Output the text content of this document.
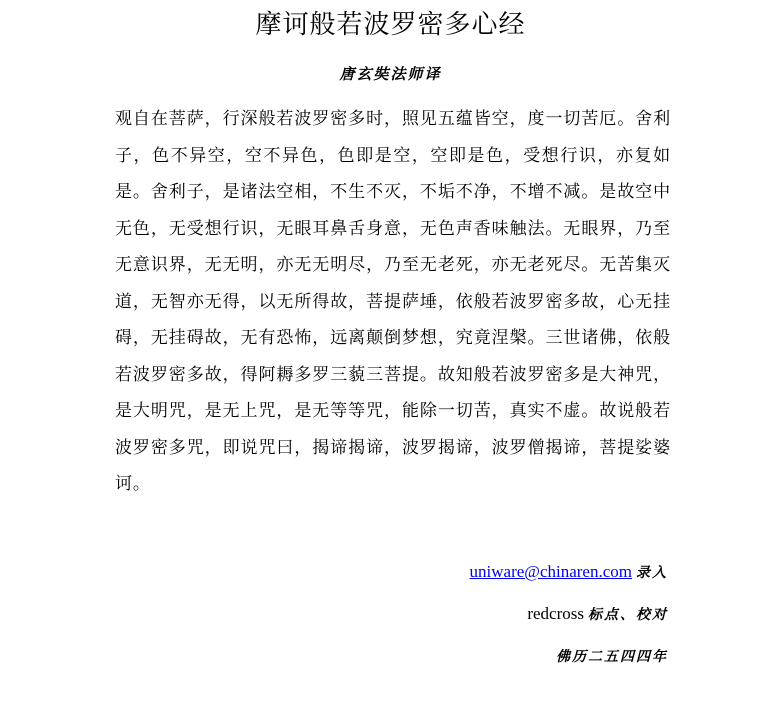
摩诃般若波罗密多心经
唐玄奘法师译
观自在菩萨，行深般若波罗密多时，照见五蕴皆空，度一切苦厄。舍利子，色不异空，空不异色，色即是空，空即是色，受想行识，亦复如是。舍利子，是诸法空相，不生不灭，不垢不净，不增不减。是故空中无色，无受想行识，无眼耳鼻舌身意，无色声香味触法。无眼界，乃至无意识界，无无明，亦无无明尽，乃至无老死，亦无老死尽。无苦集灭道，无智亦无得，以无所得故，菩提萨埵，依般若波罗密多故，心无挂碍，无挂碍故，无有恐怖，远离颠倒梦想，究竟涅槃。三世诸佛，依般若波罗密多故，得阿耨多罗三藐三菩提。故知般若波罗密多是大神咒，是大明咒，是无上咒，是无等等咒，能除一切苦，真实不虚。故说般若波罗密多咒，即说咒曰，揭谛揭谛，波罗揭谛，波罗僧揭谛，菩提娑婆诃。
uniware@chinaren.com 录入
redcross 标点、校对
佛历二五四四年
